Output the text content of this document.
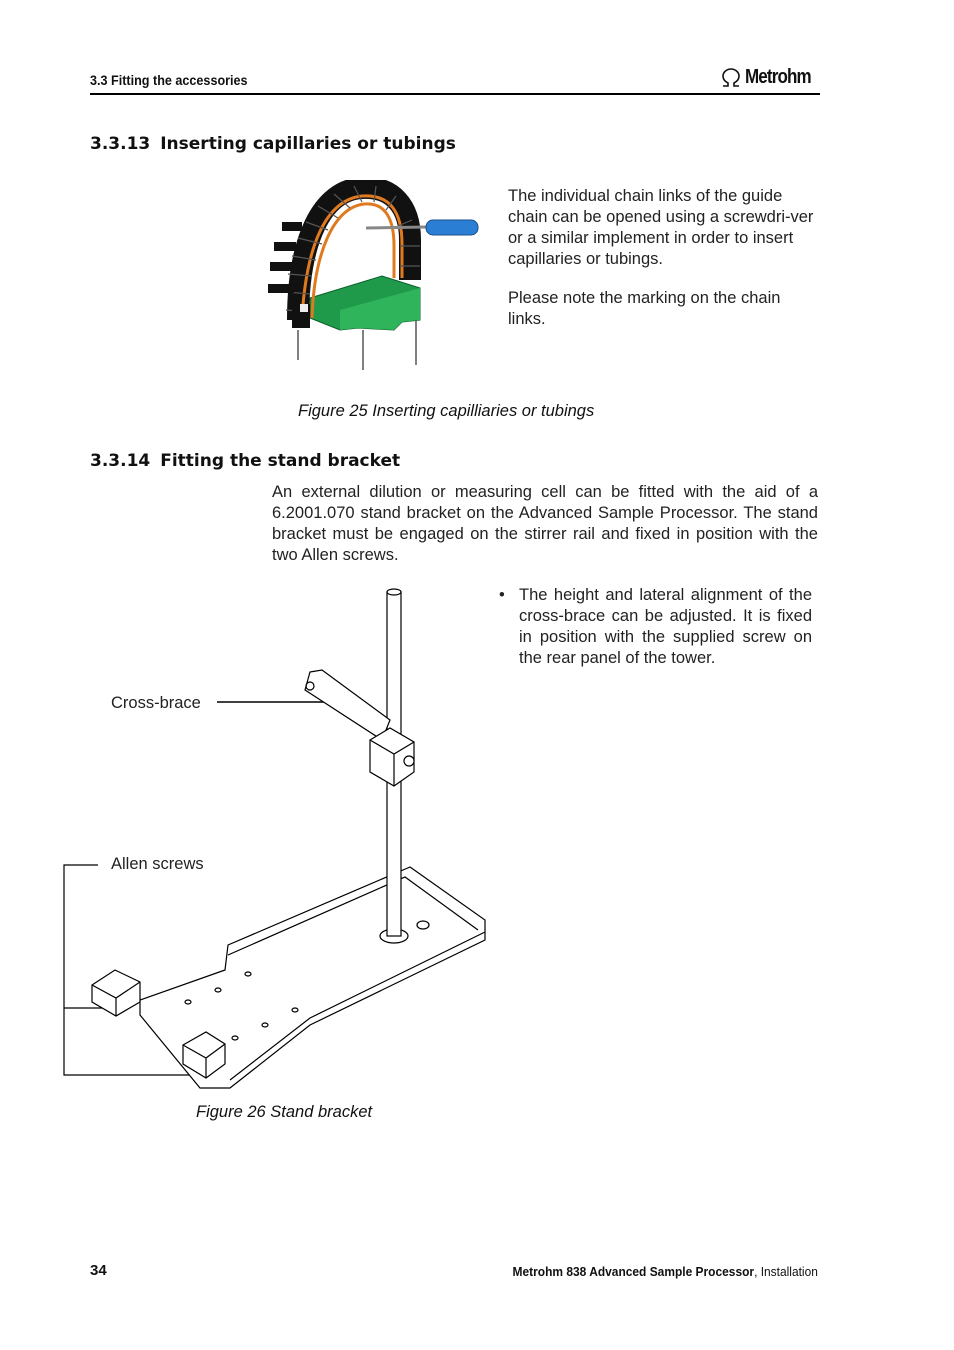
3.3 Fitting the accessories	Metrohm
3.3.13 Inserting capillaries or tubings
The individual chain links of the guide chain can be opened using a screwdri-ver or a similar implement in order to insert capillaries or tubings.
Please note the marking on the chain links.
Figure 25 Inserting capilliaries or tubings
3.3.14 Fitting the stand bracket
An external dilution or measuring cell can be fitted with the aid of a 6.2001.070 stand bracket on the Advanced Sample Processor. The stand bracket must be engaged on the stirrer rail and fixed in position with the two Allen screws.
• The height and lateral alignment of the cross-brace can be adjusted. It is fixed in position with the supplied screw on the rear panel of the tower.
Cross-brace
Allen screws
Figure 26 Stand bracket
34	Metrohm 838 Advanced Sample Processor, Installation
